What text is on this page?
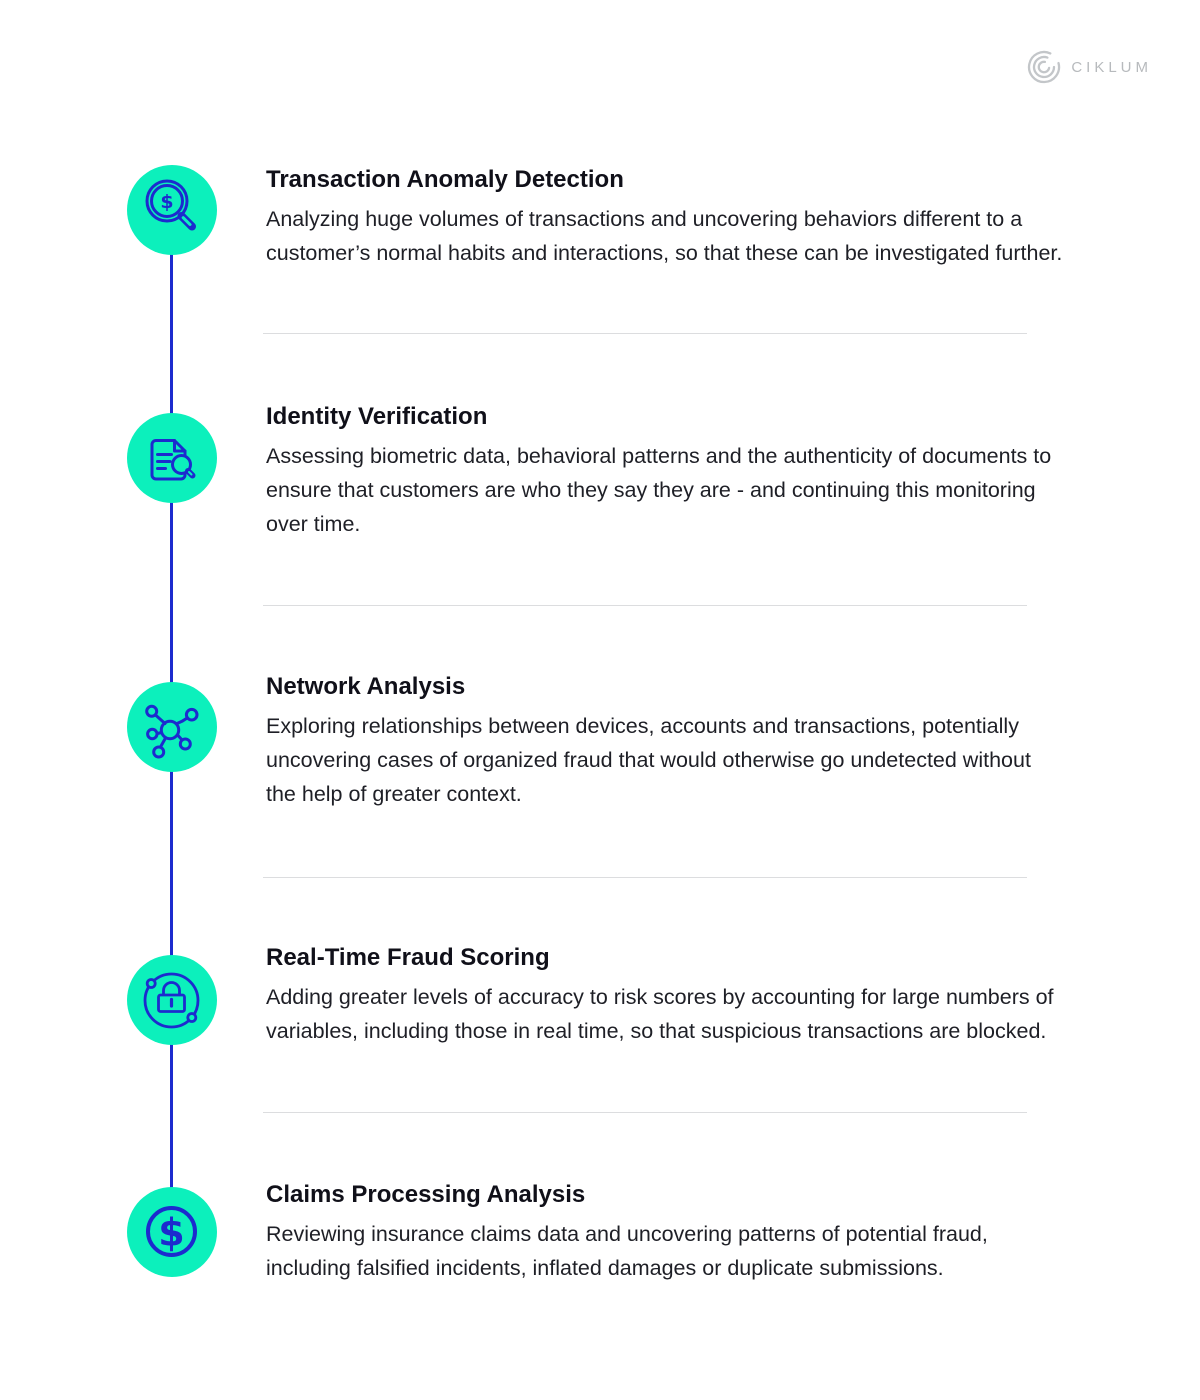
CIKLUM
$
Transaction Anomaly Detection

Analyzing huge volumes of transactions and uncovering behaviors different to a customer’s normal habits and interactions, so that these can be investigated further.

Identity Verification

Assessing biometric data, behavioral patterns and the authenticity of documents to ensure that customers are who they say they are - and continuing this monitoring over time.

Network Analysis

Exploring relationships between devices, accounts and transactions, potentially uncovering cases of organized fraud that would otherwise go undetected without the help of greater context.

Real-Time Fraud Scoring

Adding greater levels of accuracy to risk scores by accounting for large numbers of variables, including those in real time, so that suspicious transactions are blocked.

$
Claims Processing Analysis

Reviewing insurance claims data and uncovering patterns of potential fraud, including falsified incidents, inflated damages or duplicate submissions.
